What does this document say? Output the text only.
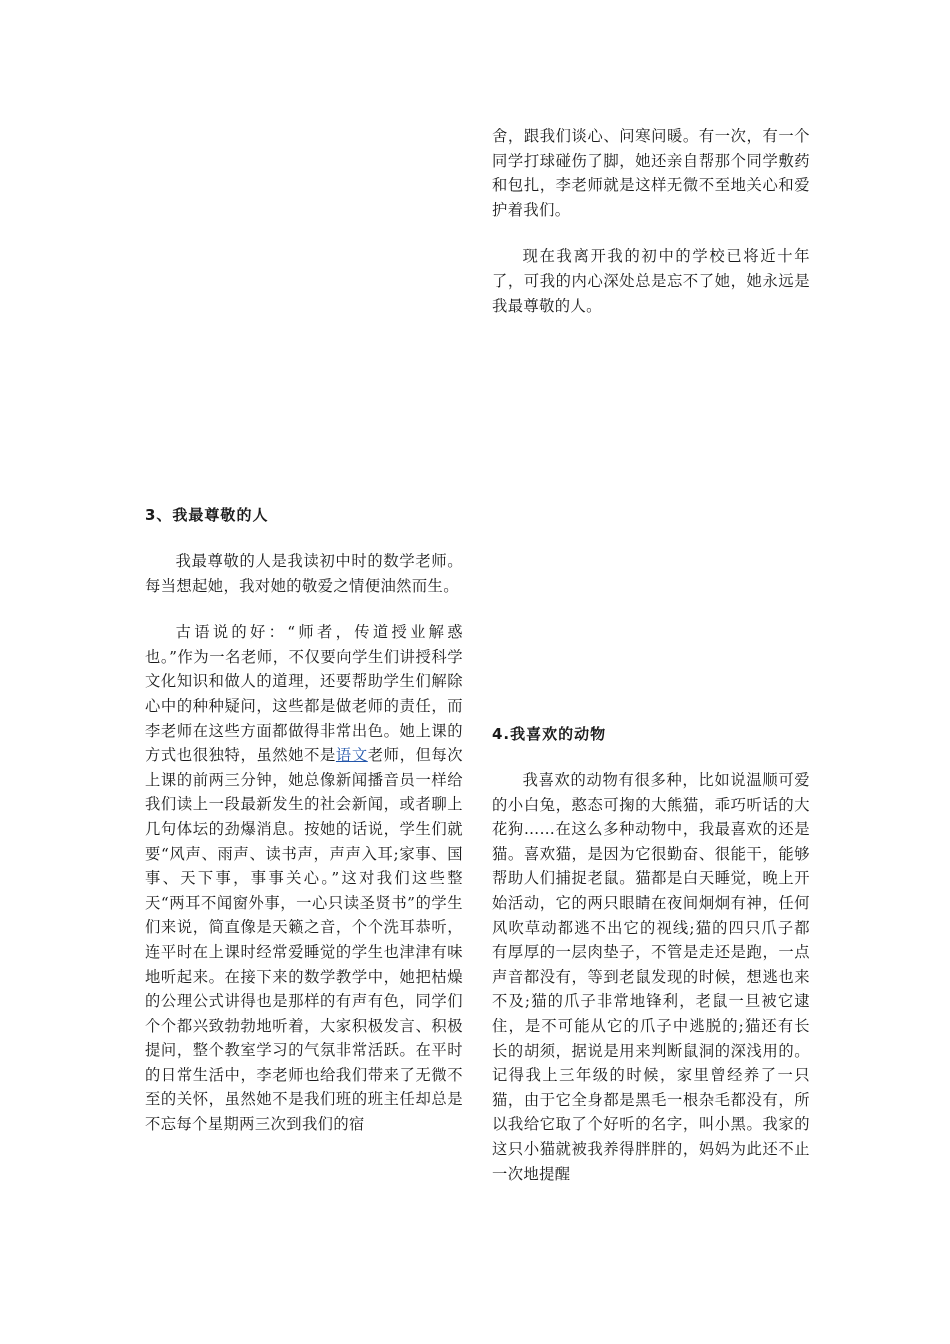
舍，跟我们谈心、问寒问暖。有一次，有一个同学打球碰伤了脚，她还亲自帮那个同学敷药和包扎，李老师就是这样无微不至地关心和爱护着我们。

现在我离开我的初中的学校已将近十年了，可我的内心深处总是忘不了她，她永远是我最尊敬的人。

3、我最尊敬的人

我最尊敬的人是我读初中时的数学老师。每当想起她，我对她的敬爱之情便油然而生。

古语说的好：“师者，传道授业解惑也。”作为一名老师，不仅要向学生们讲授科学文化知识和做人的道理，还要帮助学生们解除心中的种种疑问，这些都是做老师的责任，而李老师在这些方面都做得非常出色。她上课的方式也很独特，虽然她不是语文老师，但每次上课的前两三分钟，她总像新闻播音员一样给我们读上一段最新发生的社会新闻，或者聊上几句体坛的劲爆消息。按她的话说，学生们就要“风声、雨声、读书声，声声入耳;家事、国事、天下事，事事关心。”这对我们这些整天“两耳不闻窗外事，一心只读圣贤书”的学生们来说，简直像是天籁之音，个个洗耳恭听，连平时在上课时经常爱睡觉的学生也津津有味地听起来。在接下来的数学教学中，她把枯燥的公理公式讲得也是那样的有声有色，同学们个个都兴致勃勃地听着，大家积极发言、积极提问，整个教室学习的气氛非常活跃。在平时的日常生活中，李老师也给我们带来了无微不至的关怀，虽然她不是我们班的班主任却总是不忘每个星期两三次到我们的宿

4.我喜欢的动物

我喜欢的动物有很多种，比如说温顺可爱的小白兔，憨态可掬的大熊猫，乖巧听话的大花狗……在这么多种动物中，我最喜欢的还是猫。喜欢猫，是因为它很勤奋、很能干，能够帮助人们捕捉老鼠。猫都是白天睡觉，晚上开始活动，它的两只眼睛在夜间炯炯有神，任何风吹草动都逃不出它的视线;猫的四只爪子都有厚厚的一层肉垫子，不管是走还是跑，一点声音都没有，等到老鼠发现的时候，想逃也来不及;猫的爪子非常地锋利，老鼠一旦被它逮住，是不可能从它的爪子中逃脱的;猫还有长长的胡须，据说是用来判断鼠洞的深浅用的。记得我上三年级的时候，家里曾经养了一只猫，由于它全身都是黑毛一根杂毛都没有，所以我给它取了个好听的名字，叫小黑。我家的这只小猫就被我养得胖胖的，妈妈为此还不止一次地提醒
